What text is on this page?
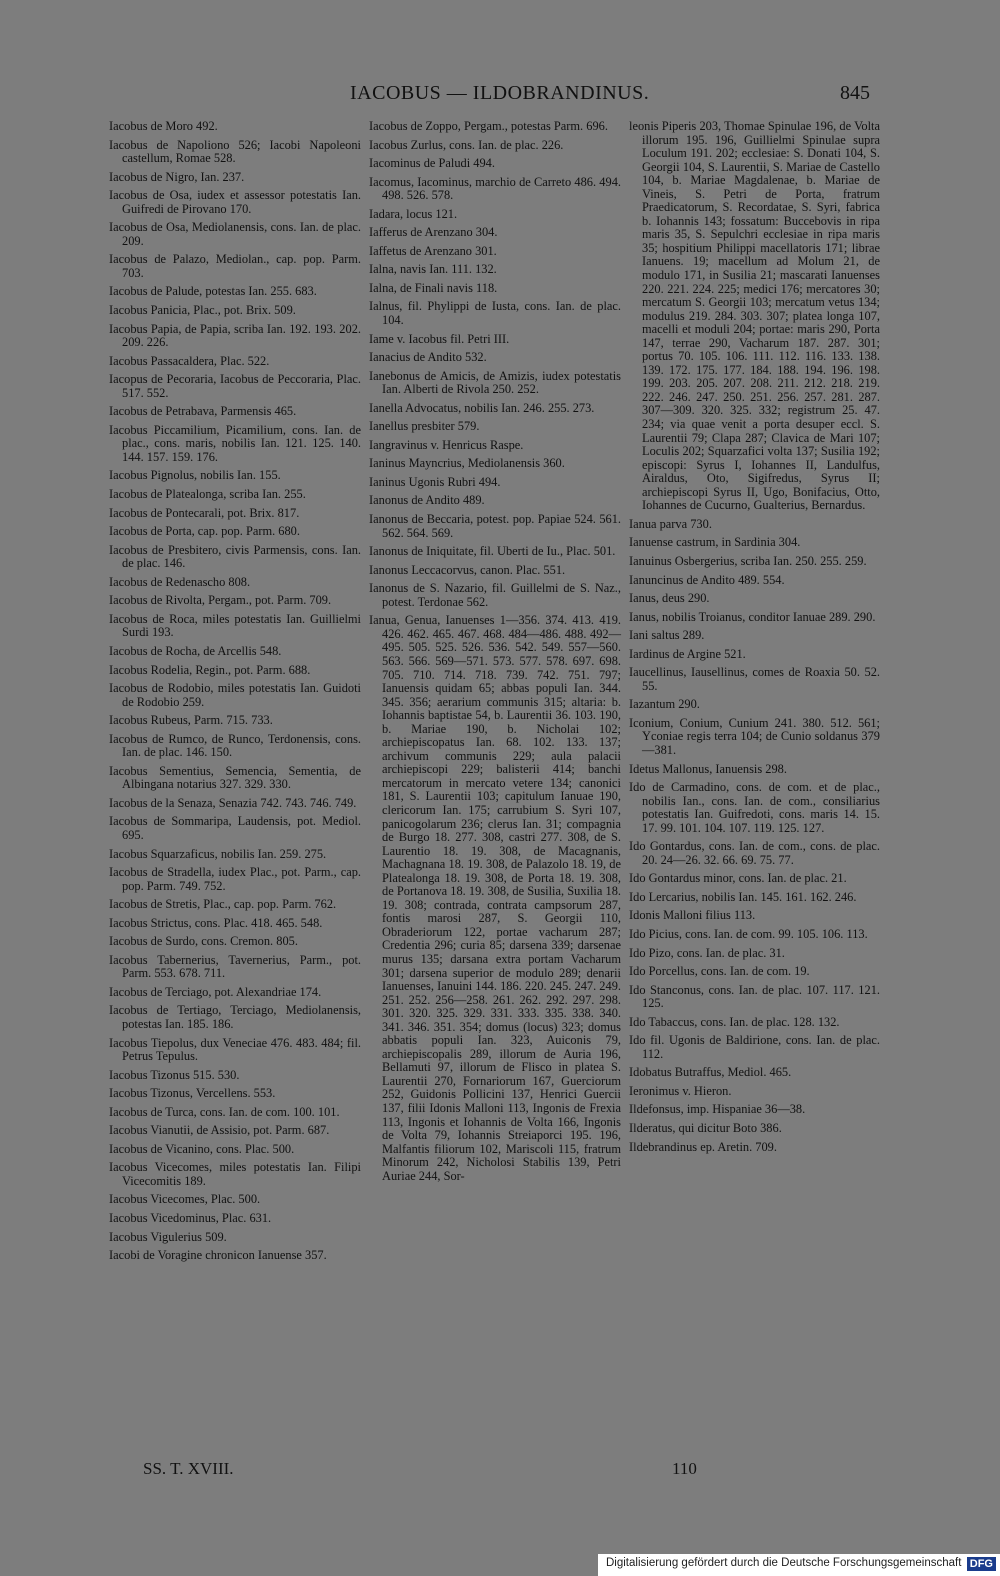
IACOBUS — ILDOBRANDINUS.	845
Iacobus de Moro 492.
Iacobus de Napoliono 526; Iacobi Napoleoni castellum, Romae 528.
Iacobus de Nigro, Ian. 237.
Iacobus de Osa, iudex et assessor potestatis Ian. Guifredi de Pirovano 170.
Iacobus de Osa, Mediolanensis, cons. Ian. de plac. 209.
Iacobus de Palazo, Mediolan., cap. pop. Parm. 703.
Iacobus de Palude, potestas Ian. 255. 683.
Iacobus Panicia, Plac., pot. Brix. 509.
Iacobus Papia, de Papia, scriba Ian. 192. 193. 202. 209. 226.
Iacobus Passacaldera, Plac. 522.
Iacopus de Pecoraria, Iacobus de Peccoraria, Plac. 517. 552.
Iacobus de Petrabava, Parmensis 465.
Iacobus Piccamilium, Picamilium, cons. Ian. de plac., cons. maris, nobilis Ian. 121. 125. 140. 144. 157. 159. 176.
Iacobus Pignolus, nobilis Ian. 155.
Iacobus de Platealonga, scriba Ian. 255.
Iacobus de Pontecarali, pot. Brix. 817.
Iacobus de Porta, cap. pop. Parm. 680.
Iacobus de Presbitero, civis Parmensis, cons. Ian. de plac. 146.
Iacobus de Redenascho 808.
Iacobus de Rivolta, Pergam., pot. Parm. 709.
Iacobus de Roca, miles potestatis Ian. Guillielmi Surdi 193.
Iacobus de Rocha, de Arcellis 548.
Iacobus Rodelia, Regin., pot. Parm. 688.
Iacobus de Rodobio, miles potestatis Ian. Guidoti de Rodobio 259.
Iacobus Rubeus, Parm. 715. 733.
Iacobus de Rumco, de Runco, Terdonensis, cons. Ian. de plac. 146. 150.
Iacobus Sementius, Semencia, Sementia, de Albingana notarius 327. 329. 330.
Iacobus de la Senaza, Senazia 742. 743. 746. 749.
Iacobus de Sommaripa, Laudensis, pot. Mediol. 695.
Iacobus Squarzaficus, nobilis Ian. 259. 275.
Iacobus de Stradella, iudex Plac., pot. Parm., cap. pop. Parm. 749. 752.
Iacobus de Stretis, Plac., cap. pop. Parm. 762.
Iacobus Strictus, cons. Plac. 418. 465. 548.
Iacobus de Surdo, cons. Cremon. 805.
Iacobus Tabernerius, Tavernerius, Parm., pot. Parm. 553. 678. 711.
Iacobus de Terciago, pot. Alexandriae 174.
Iacobus de Tertiago, Terciago, Mediolanensis, potestas Ian. 185. 186.
Iacobus Tiepolus, dux Veneciae 476. 483. 484; fil. Petrus Tepulus.
Iacobus Tizonus 515. 530.
Iacobus Tizonus, Vercellens. 553.
Iacobus de Turca, cons. Ian. de com. 100. 101.
Iacobus Vianutii, de Assisio, pot. Parm. 687.
Iacobus de Vicanino, cons. Plac. 500.
Iacobus Vicecomes, miles potestatis Ian. Filipi Vicecomitis 189.
Iacobus Vicecomes, Plac. 500.
Iacobus Vicedominus, Plac. 631.
Iacobus Vigulerius 509.
Iacobi de Voragine chronicon Ianuense 357.
Iacobus de Zoppo, Pergam., potestas Parm. 696.
Iacobus Zurlus, cons. Ian. de plac. 226.
Iacominus de Paludi 494.
Iacomus, Iacominus, marchio de Carreto 486. 494. 498. 526. 578.
Iadara, locus 121.
Iafferus de Arenzano 304.
Iaffetus de Arenzano 301.
Ialna, navis Ian. 111. 132.
Ialna, de Finali navis 118.
Ialnus, fil. Phylippi de Iusta, cons. Ian. de plac. 104.
Iame v. Iacobus fil. Petri III.
Ianacius de Andito 532.
Ianebonus de Amicis, de Amizis, iudex potestatis Ian. Alberti de Rivola 250. 252.
Ianella Advocatus, nobilis Ian. 246. 255. 273.
Ianellus presbiter 579.
Iangravinus v. Henricus Raspe.
Ianinus Mayncrius, Mediolanensis 360.
Ianinus Ugonis Rubri 494.
Ianonus de Andito 489.
Ianonus de Beccaria, potest. pop. Papiae 524. 561. 562. 564. 569.
Ianonus de Iniquitate, fil. Uberti de Iu., Plac. 501.
Ianonus Leccacorvus, canon. Plac. 551.
Ianonus de S. Nazario, fil. Guillelmi de S. Naz., potest. Terdonae 562.
Ianua, Genua, Ianuenses 1—356. 374. 413. 419. 426. 462. 465. 467. 468. 484—486. 488. 492—495. 505. 525. 526. 536. 542. 549. 557—560. 563. 566. 569—571. 573. 577. 578. 697. 698. 705. 710. 714. 718. 739. 742. 751. 797; Ianuensis quidam 65; abbas populi Ian. 344. 345. 356; aerarium communis 315; altaria: b. Iohannis baptistae 54, b. Laurentii 36. 103. 190, b. Mariae 190, b. Nicholai 102; archiepiscopatus Ian. 68. 102. 133. 137; archivum communis 229; aula palacii archiepiscopi 229; balisterii 414; banchi mercatorum in mercato vetere 134; canonici 181, S. Laurentii 103; capitulum Ianuae 190, clericorum Ian. 175; carrubium S. Syri 107, panicogolarum 236; clerus Ian. 31; compagnia de Burgo 18. 277. 308, castri 277. 308, de S. Laurentio 18. 19. 308, de Macagnanis, Machagnana 18. 19. 308, de Palazolo 18. 19, de Platealonga 18. 19. 308, de Porta 18. 19. 308, de Portanova 18. 19. 308, de Susilia, Suxilia 18. 19. 308; contrada, contrata campsorum 287, fontis marosi 287, S. Georgii 110, Obraderiorum 122, portae vacharum 287; Credentia 296; curia 85; darsena 339; darsenae murus 135; darsana extra portam Vacharum 301; darsena superior de modulo 289; denarii Ianuenses, Ianuini 144. 186. 220. 245. 247. 249. 251. 252. 256—258. 261. 262. 292. 297. 298. 301. 320. 325. 329. 331. 333. 335. 338. 340. 341. 346. 351. 354; domus (locus) 323; domus abbatis populi Ian. 323, Auiconis 79, archiepiscopalis 289, illorum de Auria 196, Bellamuti 97, illorum de Flisco in platea S. Laurentii 270, Fornariorum 167, Guerciorum 252, Guidonis Pollicini 137, Henrici Guercii 137, filii Idonis Malloni 113, Ingonis de Frexia 113, Ingonis et Iohannis de Volta 166, Ingonis de Volta 79, Iohannis Streiaporci 195. 196, Malfantis filiorum 102, Mariscoli 115, fratrum Minorum 242, Nicholosi Stabilis 139, Petri Auriae 244, Sor-
leonis Piperis 203, Thomae Spinulae 196, de Volta illorum 195. 196, Guillielmi Spinulae supra Loculum 191. 202; ecclesiae: S. Donati 104, S. Georgii 104, S. Laurentii, S. Mariae de Castello 104, b. Mariae Magdalenae, b. Mariae de Vineis, S. Petri de Porta, fratrum Praedicatorum, S. Recordatae, S. Syri, fabrica b. Iohannis 143; fossatum: Buccebovis in ripa maris 35, S. Sepulchri ecclesiae in ripa maris 35; hospitium Philippi macellatoris 171; librae Ianuens. 19; macellum ad Molum 21, de modulo 171, in Susilia 21; mascarati Ianuenses 220. 221. 224. 225; medici 176; mercatores 30; mercatum S. Georgii 103; mercatum vetus 134; modulus 219. 284. 303. 307; platea longa 107, macelli et moduli 204; portae: maris 290, Porta 147, terrae 290, Vacharum 187. 287. 301; portus 70. 105. 106. 111. 112. 116. 133. 138. 139. 172. 175. 177. 184. 188. 194. 196. 198. 199. 203. 205. 207. 208. 211. 212. 218. 219. 222. 246. 247. 250. 251. 256. 257. 281. 287. 307—309. 320. 325. 332; registrum 25. 47. 234; via quae venit a porta desuper eccl. S. Laurentii 79; Clapa 287; Clavica de Mari 107; Loculis 202; Squarzafici volta 137; Susilia 192; episcopi: Syrus I, Iohannes II, Landulfus, Airaldus, Oto, Sigifredus, Syrus II; archiepiscopi Syrus II, Ugo, Bonifacius, Otto, Iohannes de Cucurno, Gualterius, Bernardus.
Ianua parva 730.
Ianuense castrum, in Sardinia 304.
Ianuinus Osbergerius, scriba Ian. 250. 255. 259.
Ianuncinus de Andito 489. 554.
Ianus, deus 290.
Ianus, nobilis Troianus, conditor Ianuae 289. 290.
Iani saltus 289.
Iardinus de Argine 521.
Iaucellinus, Iausellinus, comes de Roaxia 50. 52. 55.
Iazantum 290.
Iconium, Conium, Cunium 241. 380. 512. 561; Yconiae regis terra 104; de Cunio soldanus 379—381.
Idetus Mallonus, Ianuensis 298.
Ido de Carmadino, cons. de com. et de plac., nobilis Ian., cons. Ian. de com., consiliarius potestatis Ian. Guifredoti, cons. maris 14. 15. 17. 99. 101. 104. 107. 119. 125. 127.
Ido Gontardus, cons. Ian. de com., cons. de plac. 20. 24—26. 32. 66. 69. 75. 77.
Ido Gontardus minor, cons. Ian. de plac. 21.
Ido Lercarius, nobilis Ian. 145. 161. 162. 246.
Idonis Malloni filius 113.
Ido Picius, cons. Ian. de com. 99. 105. 106. 113.
Ido Pizo, cons. Ian. de plac. 31.
Ido Porcellus, cons. Ian. de com. 19.
Ido Stanconus, cons. Ian. de plac. 107. 117. 121. 125.
Ido Tabaccus, cons. Ian. de plac. 128. 132.
Ido fil. Ugonis de Baldirione, cons. Ian. de plac. 112.
Idobatus Butraffus, Mediol. 465.
Ieronimus v. Hieron.
Ildefonsus, imp. Hispaniae 36—38.
Ilderatus, qui dicitur Boto 386.
Ildebrandinus ep. Aretin. 709.
SS. T. XVIII.	110
Digitalisierung gefördert durch die Deutsche Forschungsgemeinschaft DFG
